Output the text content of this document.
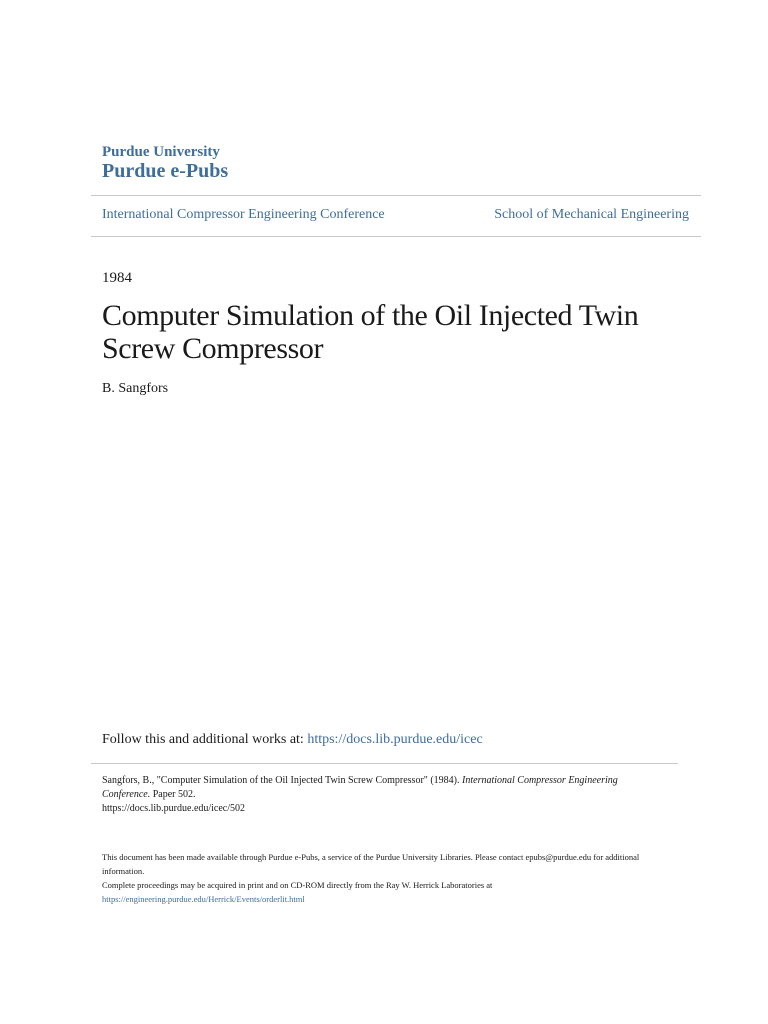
Purdue University
Purdue e-Pubs
International Compressor Engineering Conference	School of Mechanical Engineering
1984
Computer Simulation of the Oil Injected Twin Screw Compressor
B. Sangfors
Follow this and additional works at: https://docs.lib.purdue.edu/icec
Sangfors, B., "Computer Simulation of the Oil Injected Twin Screw Compressor" (1984). International Compressor Engineering Conference. Paper 502.
https://docs.lib.purdue.edu/icec/502
This document has been made available through Purdue e-Pubs, a service of the Purdue University Libraries. Please contact epubs@purdue.edu for additional information.
Complete proceedings may be acquired in print and on CD-ROM directly from the Ray W. Herrick Laboratories at https://engineering.purdue.edu/Herrick/Events/orderlit.html
